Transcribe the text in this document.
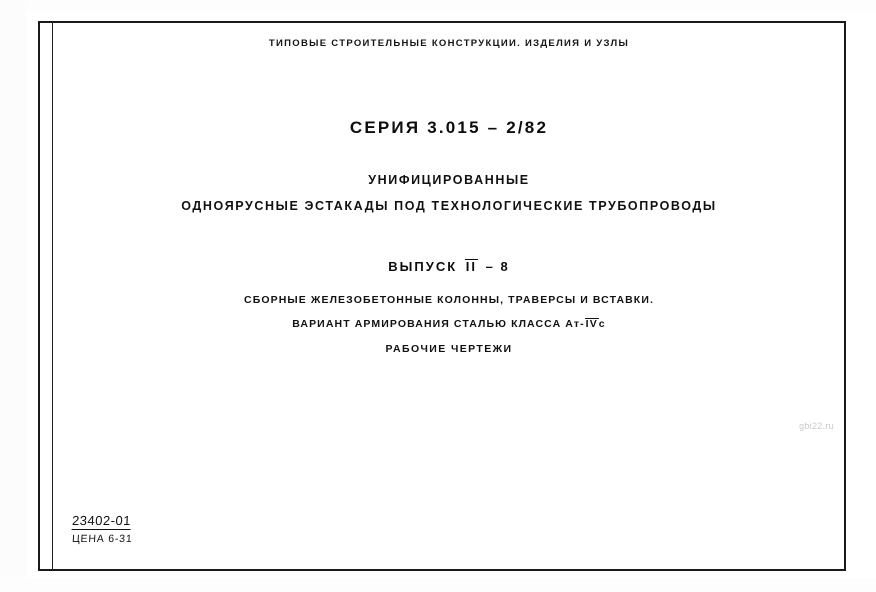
ТИПОВЫЕ СТРОИТЕЛЬНЫЕ КОНСТРУКЦИИ. ИЗДЕЛИЯ И УЗЛЫ
СЕРИЯ 3.015 – 2/82
УНИФИЦИРОВАННЫЕ
ОДНОЯРУСНЫЕ ЭСТАКАДЫ ПОД ТЕХНОЛОГИЧЕСКИЕ ТРУБОПРОВОДЫ
ВЫПУСК II – 8
СБОРНЫЕ ЖЕЛЕЗОБЕТОННЫЕ КОЛОННЫ, ТРАВЕРСЫ И ВСТАВКИ.
ВАРИАНТ АРМИРОВАНИЯ СТАЛЬЮ КЛАССА Ат-IVс
РАБОЧИЕ ЧЕРТЕЖИ
gbi22.ru
23402-01
ЦЕНА 6-31
